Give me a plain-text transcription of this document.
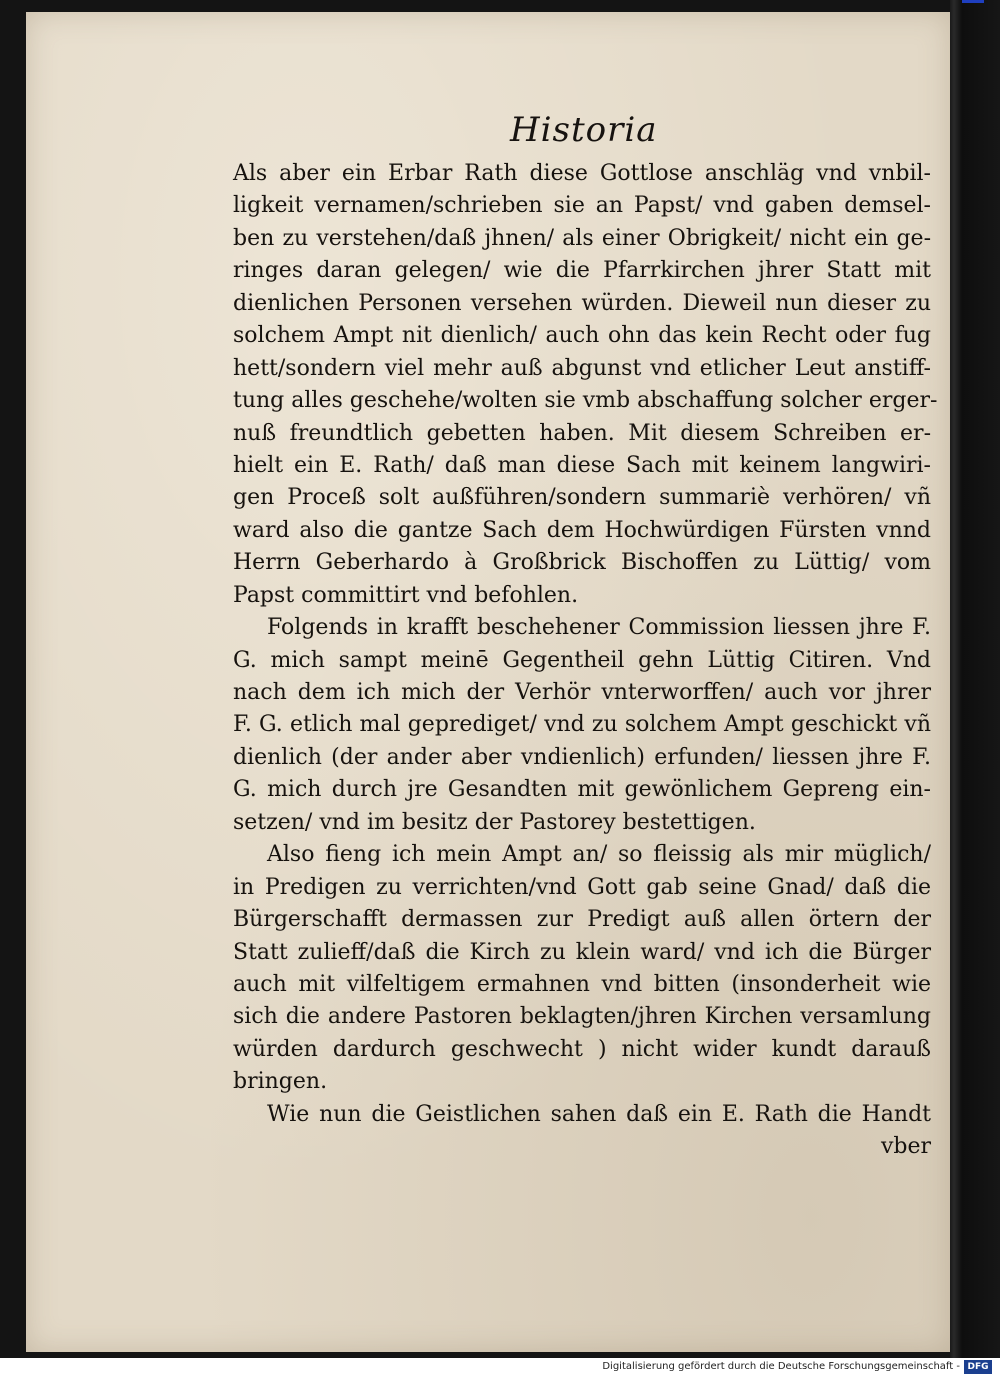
Historia
Als aber ein Erbar Rath diese Gottlose anschläg vnd vnbil-
ligkeit vernamen/schrieben sie an Papst/ vnd gaben demsel-
ben zu verstehen/daß jhnen/ als einer Obrigkeit/ nicht ein ge-
ringes daran gelegen/ wie die Pfarrkirchen jhrer Statt mit
dienlichen Personen versehen würden. Dieweil nun dieser zu
solchem Ampt nit dienlich/ auch ohn das kein Recht oder fug
hett/sondern viel mehr auß abgunst vnd etlicher Leut anstiff-
tung alles geschehe/wolten sie vmb abschaffung solcher erger-
nuß freundtlich gebetten haben. Mit diesem Schreiben er-
hielt ein E. Rath/ daß man diese Sach mit keinem langwiri-
gen Proceß solt außführen/sondern summariè verhören/ vñ
ward also die gantze Sach dem Hochwürdigen Fürsten vnnd
Herrn Geberhardo à Großbrick Bischoffen zu Lüttig/ vom
Papst committirt vnd befohlen.
Folgends in krafft beschehener Commission liessen jhre F.
G. mich sampt meinē Gegentheil gehn Lüttig Citiren. Vnd
nach dem ich mich der Verhör vnterworffen/ auch vor jhrer
F. G. etlich mal geprediget/ vnd zu solchem Ampt geschickt vñ
dienlich (der ander aber vndienlich) erfunden/ liessen jhre F.
G. mich durch jre Gesandten mit gewönlichem Gepreng ein-
setzen/ vnd im besitz der Pastorey bestettigen.
Also fieng ich mein Ampt an/ so fleissig als mir müglich/
in Predigen zu verrichten/vnd Gott gab seine Gnad/ daß die
Bürgerschafft dermassen zur Predigt auß allen örtern der
Statt zulieff/daß die Kirch zu klein ward/ vnd ich die Bürger
auch mit vilfeltigem ermahnen vnd bitten (insonderheit wie
sich die andere Pastoren beklagten/jhren Kirchen versamlung
würden dardurch geschwecht ) nicht wider kundt darauß
bringen.
Wie nun die Geistlichen sahen daß ein E. Rath die Handt
vber
Digitalisierung gefördert durch die Deutsche Forschungsgemeinschaft - DFG
